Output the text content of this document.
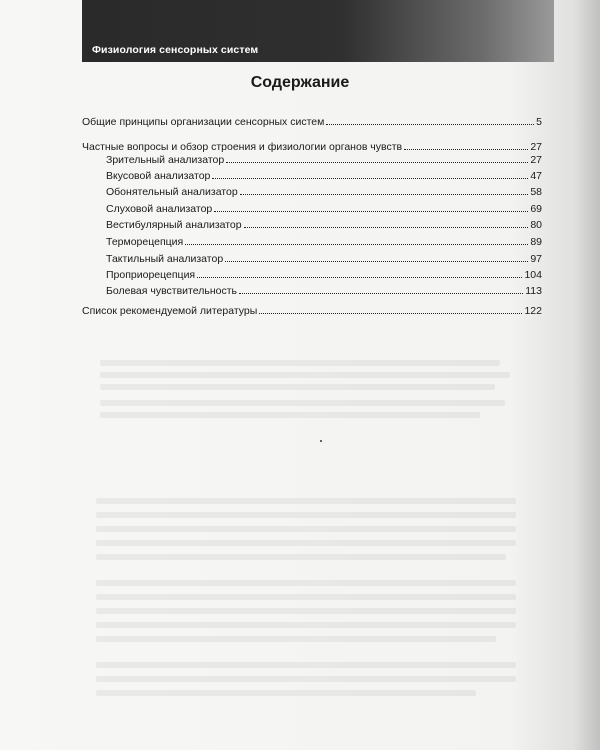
Физиология сенсорных систем
Содержание
Общие принципы организации сенсорных систем	5
Частные вопросы и обзор строения и физиологии органов чувств	27
Зрительный анализатор	27
Вкусовой анализатор	47
Обонятельный анализатор	58
Слуховой анализатор	69
Вестибулярный анализатор	80
Терморецепция	89
Тактильный анализатор	97
Проприорецепция	104
Болевая чувствительность	113
Список рекомендуемой литературы	122
